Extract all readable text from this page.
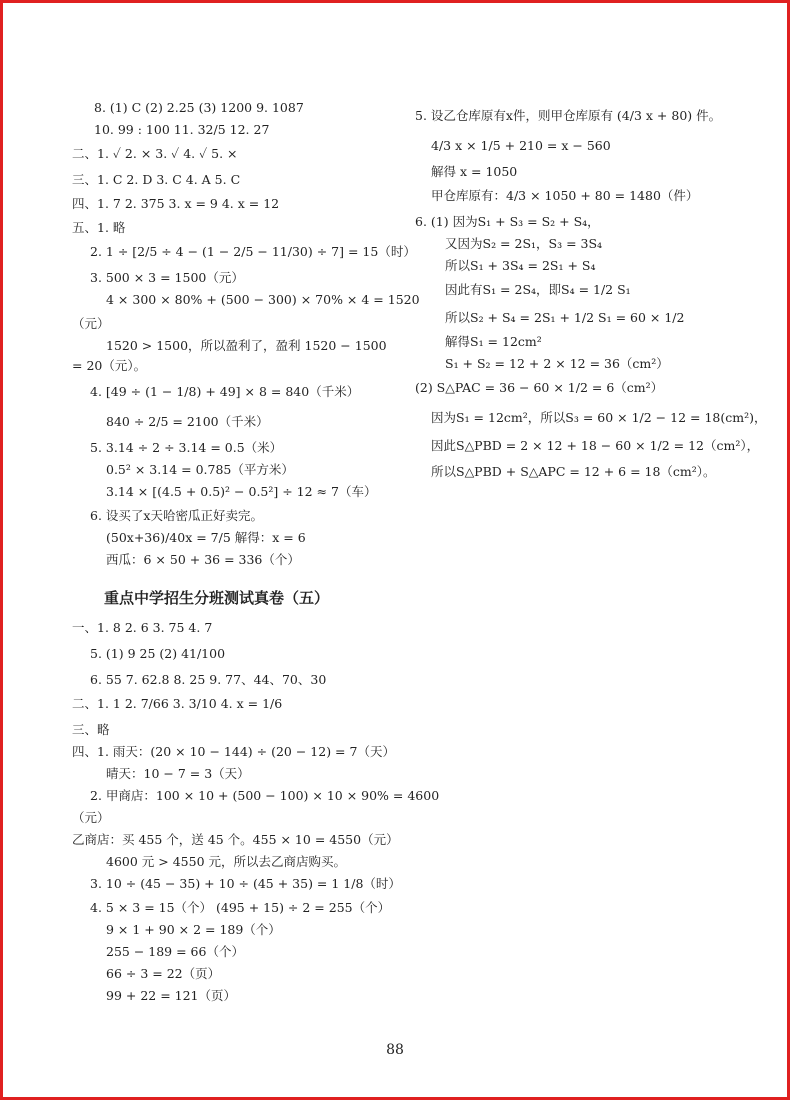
8. (1) C (2) 2.25 (3) 1200 9. 1087
10. 99 : 100 11. 32/5 12. 27
二、1. ✓ 2. × 3. ✓ 4. ✓ 5. ×
三、1. C 2. D 3. C 4. A 5. C
四、1. 7 2. 375 3. x = 9 4. x = 12
五、1. 略
2. 1 ÷ [2/5 ÷ 4 − (1 − 2/5 − 11/30) ÷ 7] = 15（时）
3. 500 × 3 = 1500（元）
4 × 300 × 80% + (500 − 300) × 70% × 4 = 1520
（元）
1520 > 1500，所以盈利了，盈利 1520 − 1500
= 20（元）。
4. [49 ÷ (1 − 1/8) + 49] × 8 = 840（千米）
840 ÷ 2/5 = 2100（千米）
5. 3.14 ÷ 2 ÷ 3.14 = 0.5（米）
0.5² × 3.14 = 0.785（平方米）
3.14 × [(4.5 + 0.5)² − 0.5²] ÷ 12 ≈ 7（车）
6. 设买了x天哈密瓜正好卖完。
(50x+36)/40x = 7/5 解得：x = 6
西瓜：6 × 50 + 36 = 336（个）
重点中学招生分班测试真卷（五）
一、1. 8 2. 6 3. 75 4. 7
5. (1) 9 25 (2) 41/100
6. 55 7. 62.8 8. 25 9. 77、44、70、30
二、1. 1 2. 7/66 3. 3/10 4. x = 1/6
三、略
四、1. 雨天：(20 × 10 − 144) ÷ (20 − 12) = 7（天）
晴天：10 − 7 = 3（天）
2. 甲商店：100 × 10 + (500 − 100) × 10 × 90% = 4600
（元）
乙商店：买 455 个，送 45 个。455 × 10 = 4550（元）
4600 元 > 4550 元，所以去乙商店购买。
3. 10 ÷ (45 − 35) + 10 ÷ (45 + 35) = 1 1/8（时）
4. 5 × 3 = 15（个） (495 + 15) ÷ 2 = 255（个）
9 × 1 + 90 × 2 = 189（个）
255 − 189 = 66（个）
66 ÷ 3 = 22（页）
99 + 22 = 121（页）
5. 设乙仓库原有x件，则甲仓库原有 (4/3 x + 80) 件。
4/3 x × 1/5 + 210 = x − 560
解得 x = 1050
甲仓库原有：4/3 × 1050 + 80 = 1480（件）
6. (1) 因为S₁ + S₃ = S₂ + S₄，
又因为S₂ = 2S₁，S₃ = 3S₄
所以S₁ + 3S₄ = 2S₁ + S₄
因此有S₁ = 2S₄，即S₄ = 1/2 S₁
所以S₂ + S₄ = 2S₁ + 1/2 S₁ = 60 × 1/2
解得S₁ = 12cm²
S₁ + S₂ = 12 + 2 × 12 = 36（cm²）
(2) S△PAC = 36 − 60 × 1/2 = 6（cm²）
因为S₁ = 12cm²，所以S₃ = 60 × 1/2 − 12 = 18(cm²)，
因此S△PBD = 2 × 12 + 18 − 60 × 1/2 = 12（cm²），
所以S△PBD + S△APC = 12 + 6 = 18（cm²）。
88
